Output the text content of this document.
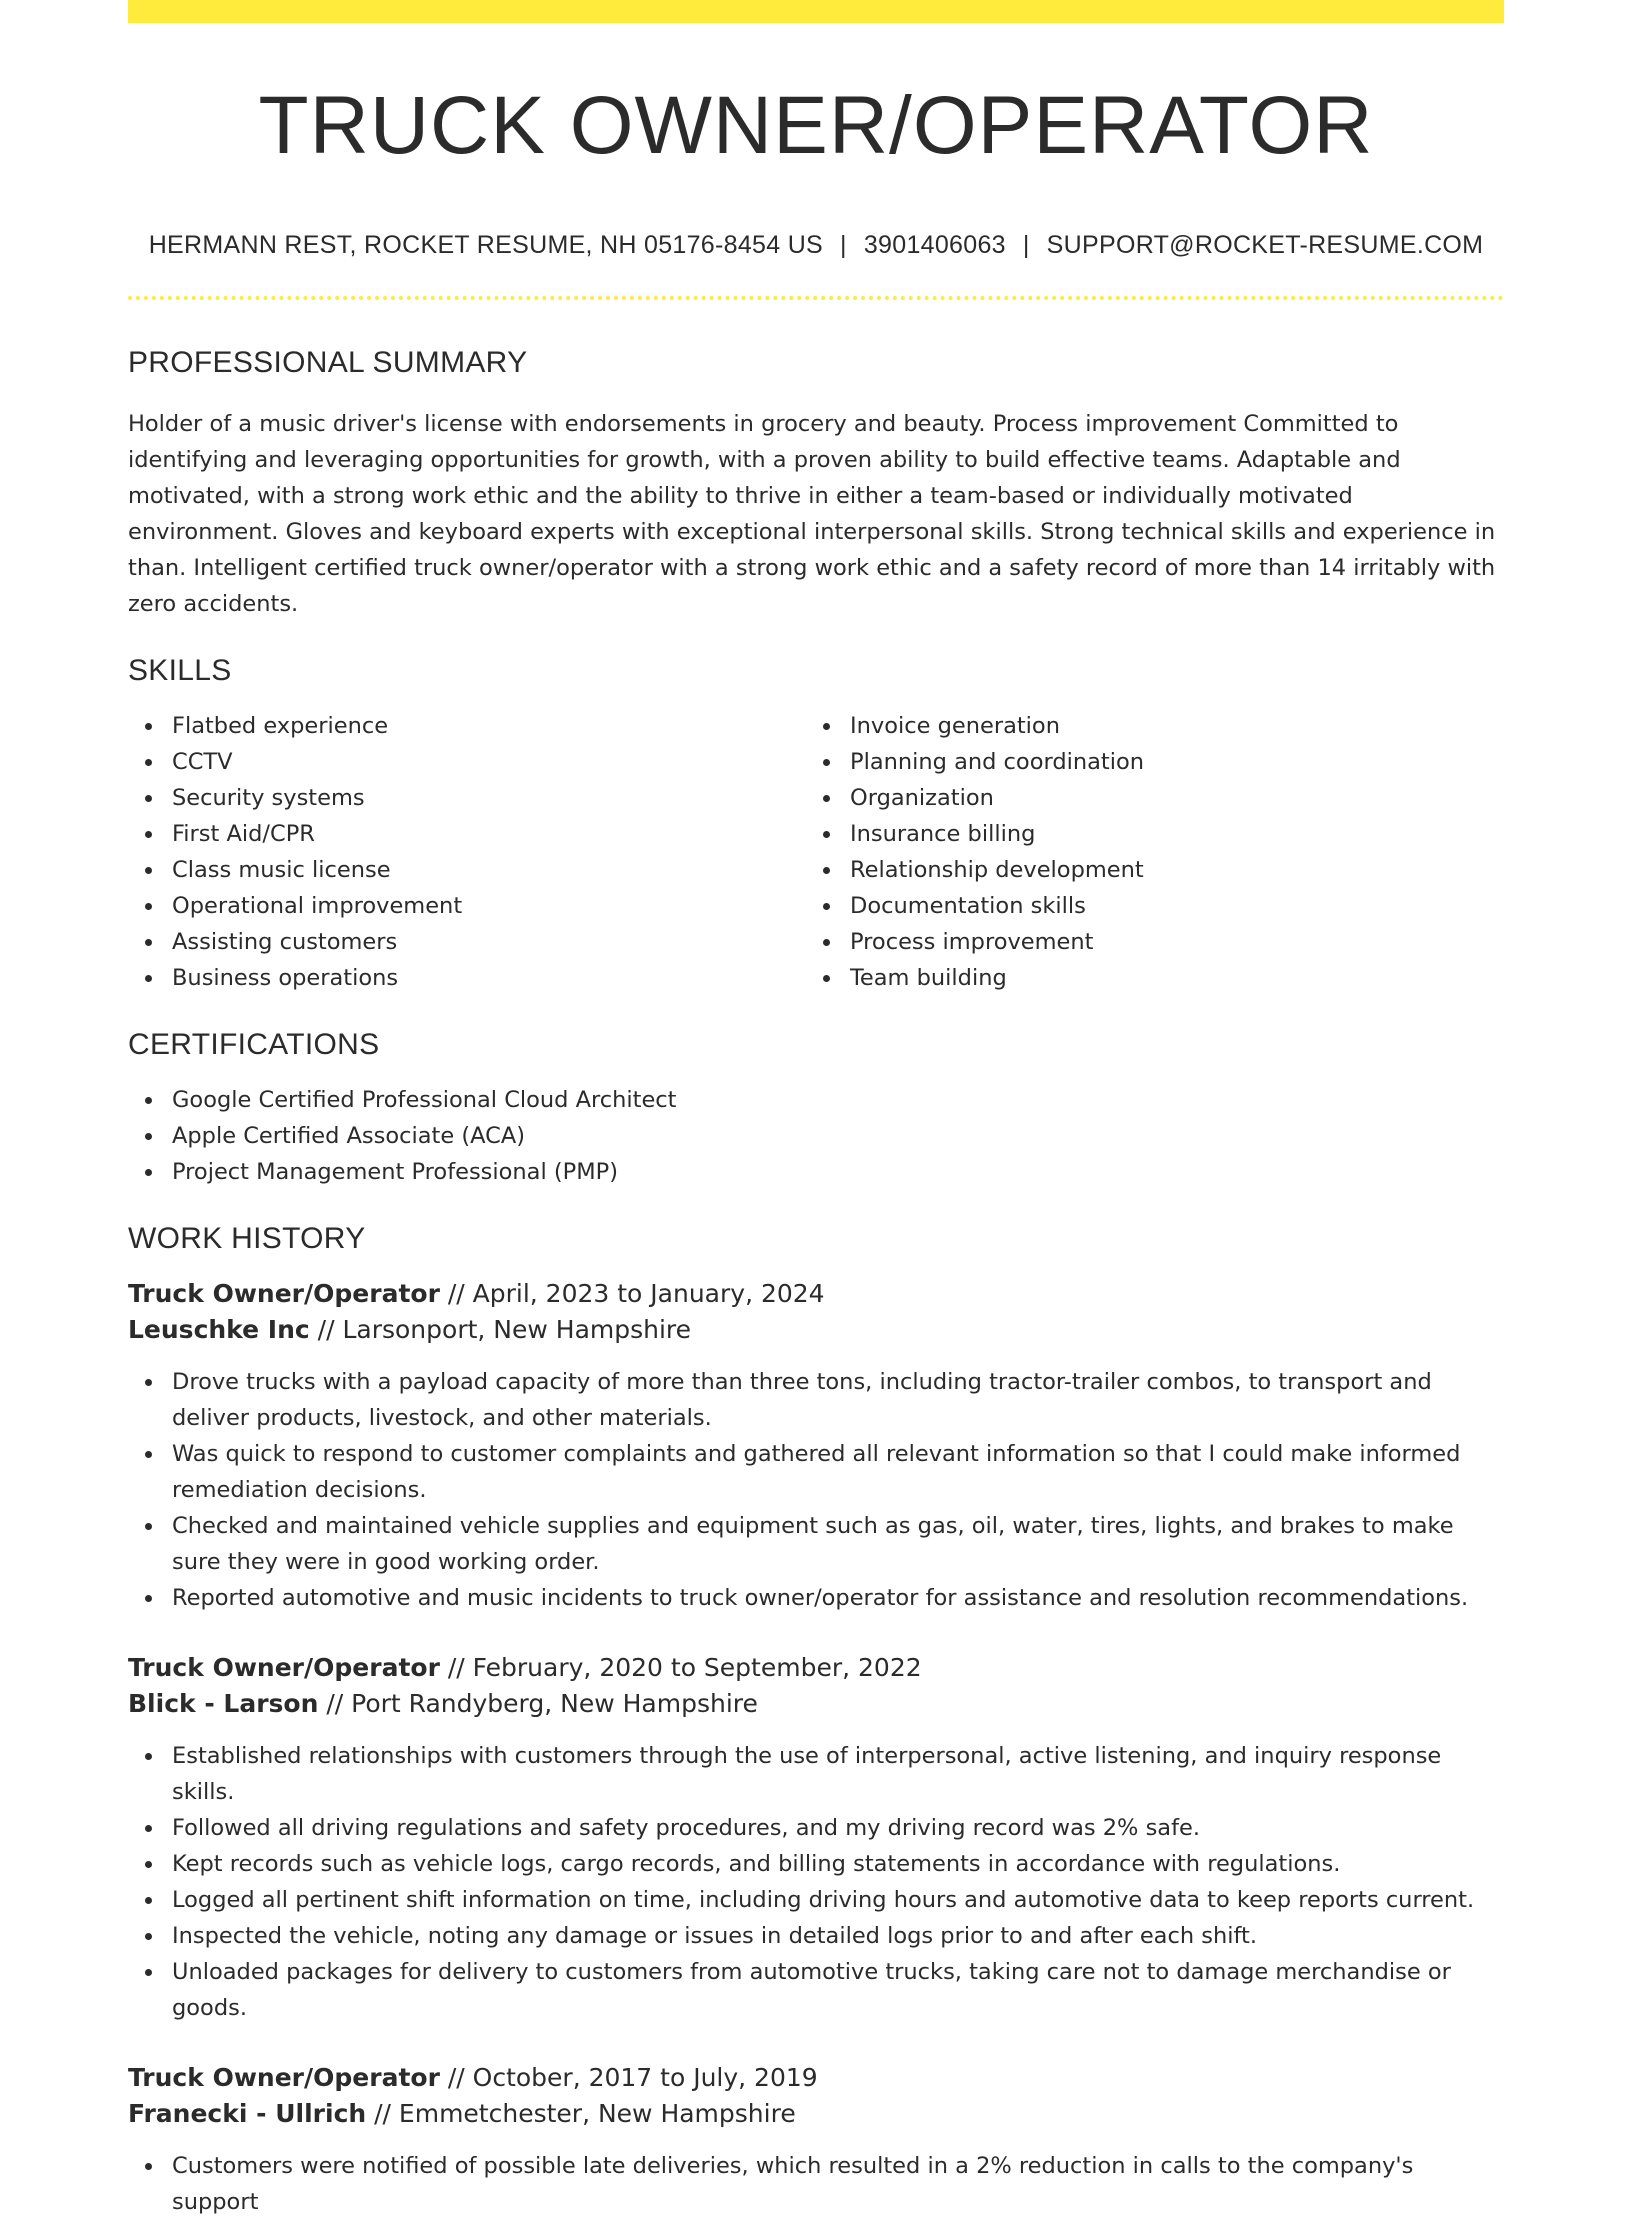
TRUCK OWNER/OPERATOR
HERMANN REST, ROCKET RESUME, NH 05176-8454 US | 3901406063 | SUPPORT@ROCKET-RESUME.COM
PROFESSIONAL SUMMARY
Holder of a music driver's license with endorsements in grocery and beauty. Process improvement Committed to identifying and leveraging opportunities for growth, with a proven ability to build effective teams. Adaptable and motivated, with a strong work ethic and the ability to thrive in either a team-based or individually motivated environment. Gloves and keyboard experts with exceptional interpersonal skills. Strong technical skills and experience in than. Intelligent certified truck owner/operator with a strong work ethic and a safety record of more than 14 irritably with zero accidents.
SKILLS
Flatbed experience
CCTV
Security systems
First Aid/CPR
Class music license
Operational improvement
Assisting customers
Business operations
Invoice generation
Planning and coordination
Organization
Insurance billing
Relationship development
Documentation skills
Process improvement
Team building
CERTIFICATIONS
Google Certified Professional Cloud Architect
Apple Certified Associate (ACA)
Project Management Professional (PMP)
WORK HISTORY
Truck Owner/Operator // April, 2023 to January, 2024
Leuschke Inc // Larsonport, New Hampshire
Drove trucks with a payload capacity of more than three tons, including tractor-trailer combos, to transport and deliver products, livestock, and other materials.
Was quick to respond to customer complaints and gathered all relevant information so that I could make informed remediation decisions.
Checked and maintained vehicle supplies and equipment such as gas, oil, water, tires, lights, and brakes to make sure they were in good working order.
Reported automotive and music incidents to truck owner/operator for assistance and resolution recommendations.
Truck Owner/Operator // February, 2020 to September, 2022
Blick - Larson // Port Randyberg, New Hampshire
Established relationships with customers through the use of interpersonal, active listening, and inquiry response skills.
Followed all driving regulations and safety procedures, and my driving record was 2% safe.
Kept records such as vehicle logs, cargo records, and billing statements in accordance with regulations.
Logged all pertinent shift information on time, including driving hours and automotive data to keep reports current.
Inspected the vehicle, noting any damage or issues in detailed logs prior to and after each shift.
Unloaded packages for delivery to customers from automotive trucks, taking care not to damage merchandise or goods.
Truck Owner/Operator // October, 2017 to July, 2019
Franecki - Ullrich // Emmetchester, New Hampshire
Customers were notified of possible late deliveries, which resulted in a 2% reduction in calls to the company's support
